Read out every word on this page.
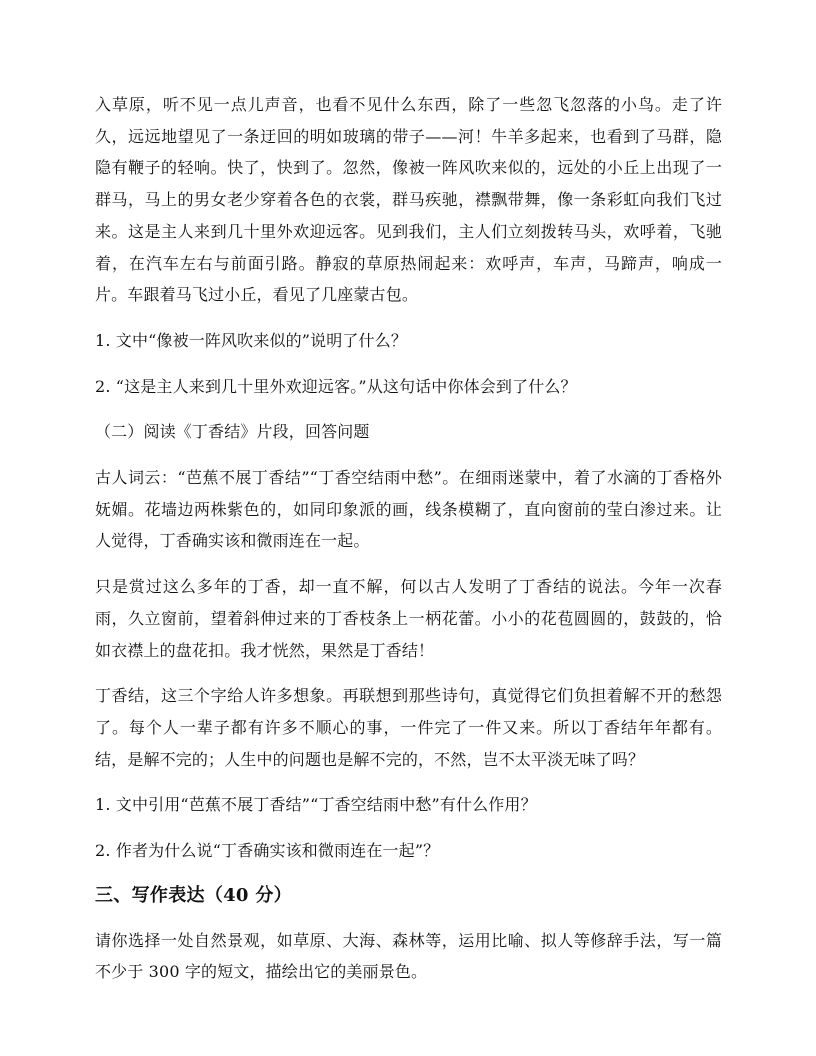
入草原，听不见一点儿声音，也看不见什么东西，除了一些忽飞忽落的小鸟。走了许久，远远地望见了一条迂回的明如玻璃的带子——河！牛羊多起来，也看到了马群，隐隐有鞭子的轻响。快了，快到了。忽然，像被一阵风吹来似的，远处的小丘上出现了一群马，马上的男女老少穿着各色的衣裳，群马疾驰，襟飘带舞，像一条彩虹向我们飞过来。这是主人来到几十里外欢迎远客。见到我们，主人们立刻拨转马头，欢呼着，飞驰着，在汽车左右与前面引路。静寂的草原热闹起来：欢呼声，车声，马蹄声，响成一片。车跟着马飞过小丘，看见了几座蒙古包。

1. 文中“像被一阵风吹来似的”说明了什么？

2. “这是主人来到几十里外欢迎远客。”从这句话中你体会到了什么？

（二）阅读《丁香结》片段，回答问题

古人词云：“芭蕉不展丁香结”“丁香空结雨中愁”。在细雨迷蒙中，着了水滴的丁香格外妩媚。花墙边两株紫色的，如同印象派的画，线条模糊了，直向窗前的莹白渗过来。让人觉得，丁香确实该和微雨连在一起。

只是赏过这么多年的丁香，却一直不解，何以古人发明了丁香结的说法。今年一次春雨，久立窗前，望着斜伸过来的丁香枝条上一柄花蕾。小小的花苞圆圆的，鼓鼓的，恰如衣襟上的盘花扣。我才恍然，果然是丁香结！

丁香结，这三个字给人许多想象。再联想到那些诗句，真觉得它们负担着解不开的愁怨了。每个人一辈子都有许多不顺心的事，一件完了一件又来。所以丁香结年年都有。结，是解不完的；人生中的问题也是解不完的，不然，岂不太平淡无味了吗？

1. 文中引用“芭蕉不展丁香结”“丁香空结雨中愁”有什么作用？

2. 作者为什么说“丁香确实该和微雨连在一起”？

三、写作表达（40 分）

请你选择一处自然景观，如草原、大海、森林等，运用比喻、拟人等修辞手法，写一篇不少于 300 字的短文，描绘出它的美丽景色。
